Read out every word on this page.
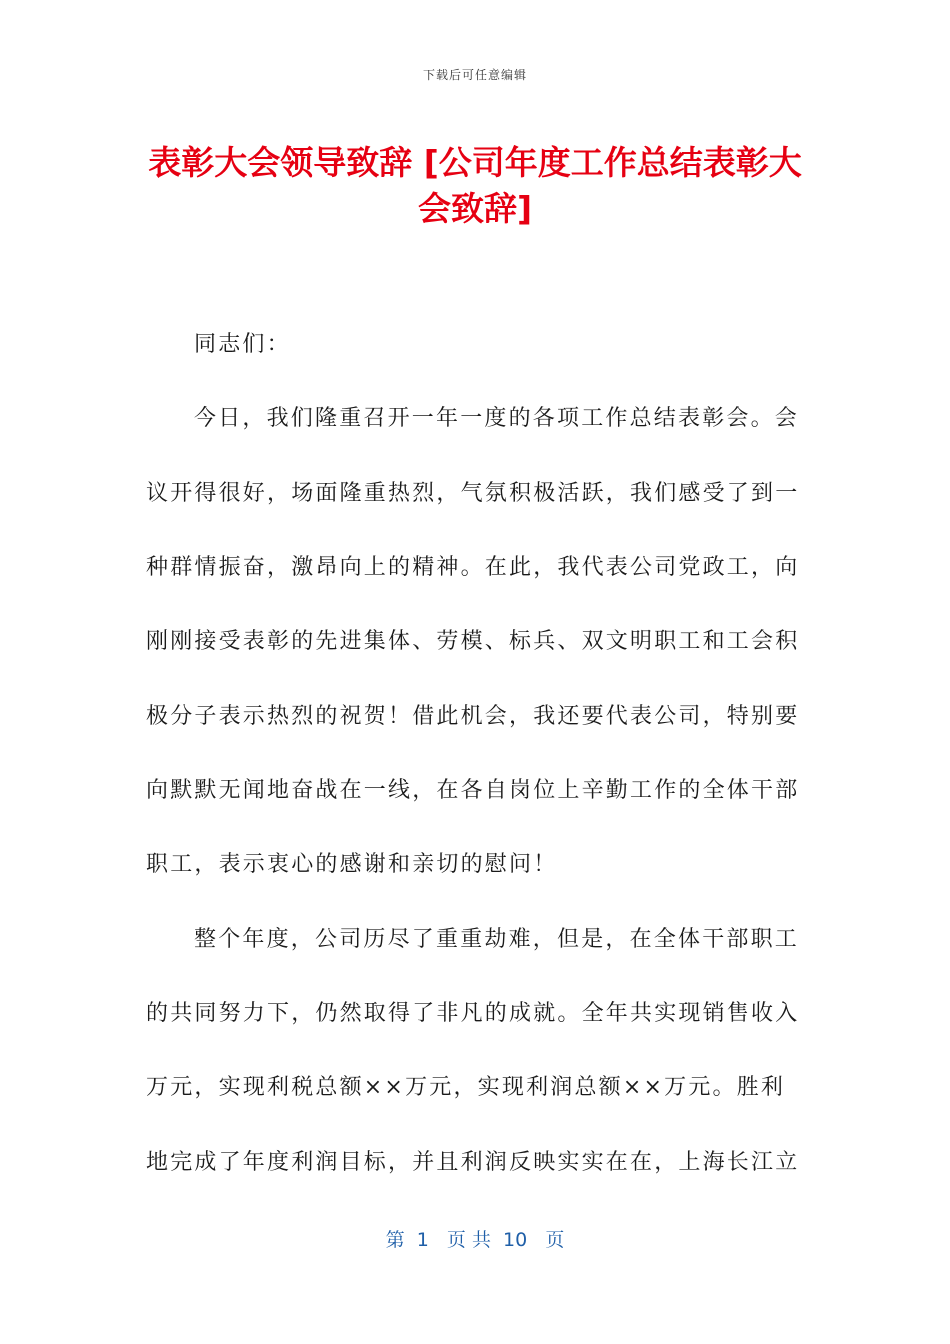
下载后可任意编辑
表彰大会领导致辞 [公司年度工作总结表彰大
会致辞]
同志们：
今日，我们隆重召开一年一度的各项工作总结表彰会。会
议开得很好，场面隆重热烈，气氛积极活跃，我们感受了到一
种群情振奋，激昂向上的精神。在此，我代表公司党政工，向
刚刚接受表彰的先进集体、劳模、标兵、双文明职工和工会积
极分子表示热烈的祝贺！借此机会，我还要代表公司，特别要
向默默无闻地奋战在一线，在各自岗位上辛勤工作的全体干部
职工，表示衷心的感谢和亲切的慰问！
整个年度，公司历尽了重重劫难，但是，在全体干部职工
的共同努力下，仍然取得了非凡的成就。全年共实现销售收入
万元，实现利税总额××万元，实现利润总额××万元。胜利
地完成了年度利润目标，并且利润反映实实在在，上海长江立
第  1   页 共  10   页
